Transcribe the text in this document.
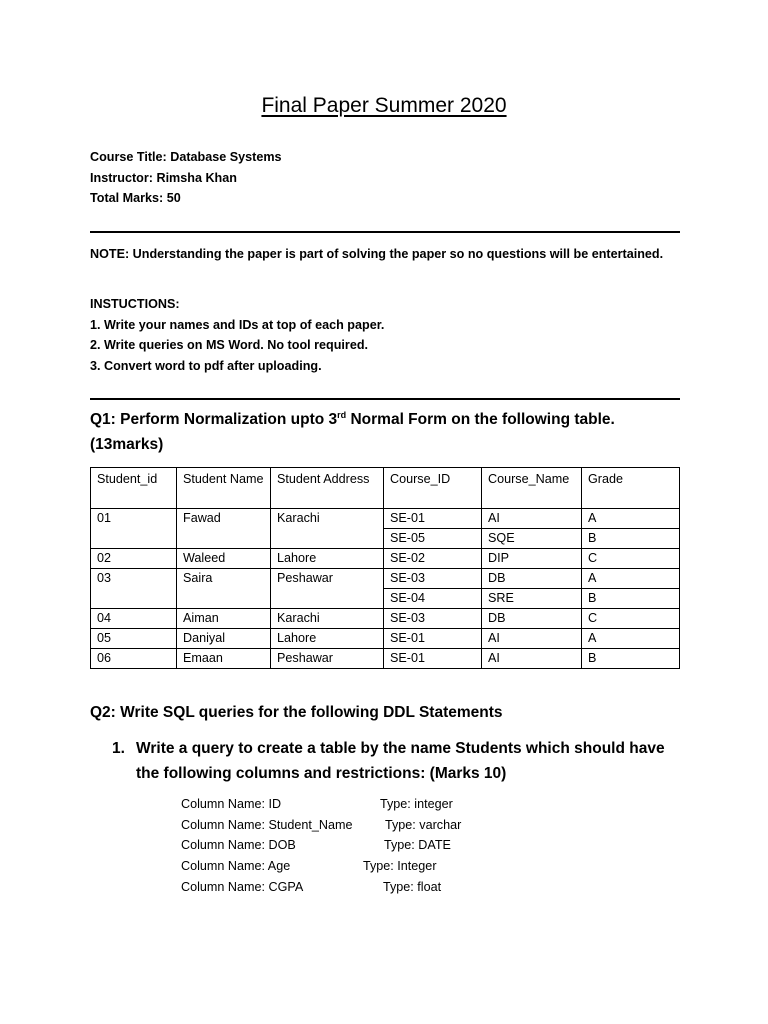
Final Paper Summer 2020
Course Title: Database Systems
Instructor: Rimsha Khan
Total Marks: 50
NOTE: Understanding the paper is part of solving the paper so no questions will be entertained.
INSTUCTIONS:
1. Write your names and IDs at top of each paper.
2. Write queries on MS Word. No tool required.
3. Convert word to pdf after uploading.
Q1: Perform Normalization upto 3rd Normal Form on the following table.
(13marks)
Student_id	Student Name	Student Address	Course_ID	Course_Name	Grade
01	Fawad	Karachi	SE-01	AI	A
			SE-05	SQE	B
02	Waleed	Lahore	SE-02	DIP	C
03	Saira	Peshawar	SE-03	DB	A
			SE-04	SRE	B
04	Aiman	Karachi	SE-03	DB	C
05	Daniyal	Lahore	SE-01	AI	A
06	Emaan	Peshawar	SE-01	AI	B
Q2: Write SQL queries for the following DDL Statements
1. Write a query to create a table by the name Students which should have the following columns and restrictions: (Marks 10)
Column Name: ID	Type: integer
Column Name: Student_Name	Type: varchar
Column Name: DOB	Type: DATE
Column Name: Age	Type: Integer
Column Name: CGPA	Type: float
